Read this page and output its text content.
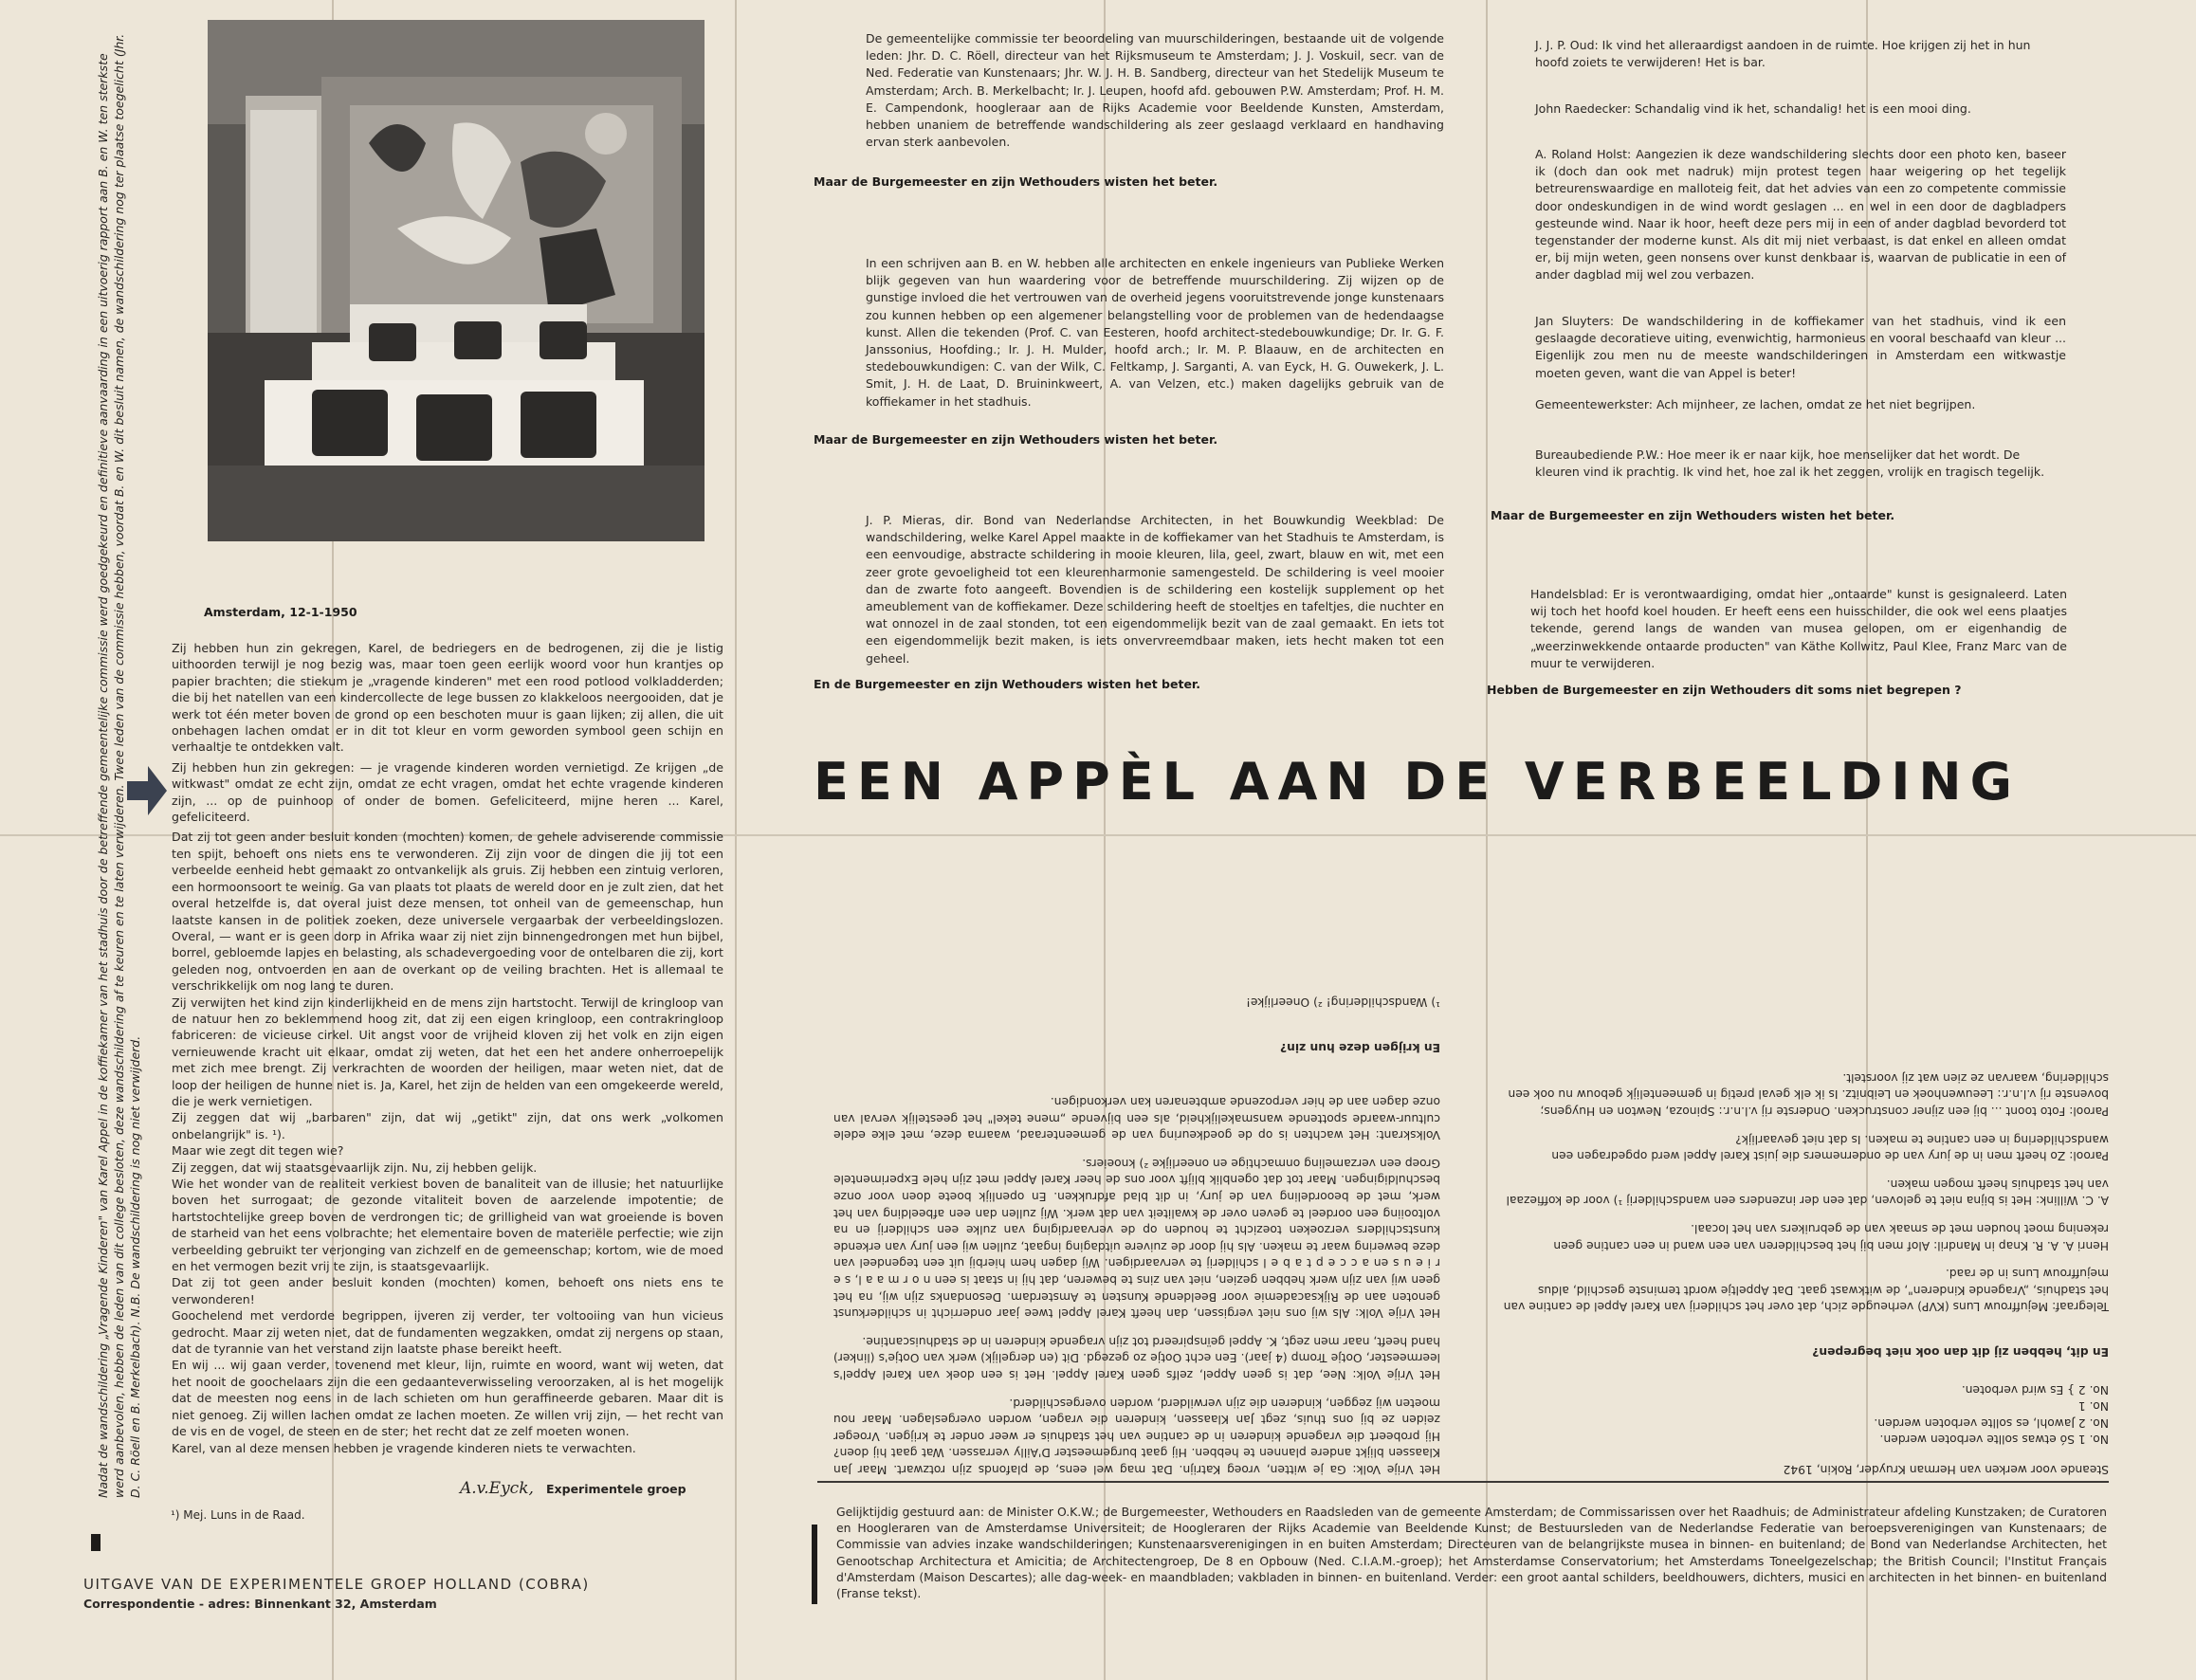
Nadat de wandschildering „Vragende Kinderen" van Karel Appel in de koffiekamer van het stadhuis door de betreffende gemeentelijke commissie werd goedgekeurd en definitieve aanvaarding in een uitvoerig rapport aan B. en W. ten sterkste werd aanbevolen, hebben de leden van dit college besloten, deze wandschildering af te keuren en te laten verwijderen. Twee leden van de commissie hebben, voordat B. en W. dit besluit namen, de wandschildering nog ter plaatse toegelicht (Jhr. D. C. Röell en B. Merkelbach). N.B. De wandschildering is nog niet verwijderd.
Amsterdam, 12-1-1950

Zij hebben hun zin gekregen, Karel, de bedriegers en de bedrogenen, zij die je listig uithoorden terwijl je nog bezig was, maar toen geen eerlijk woord voor hun krantjes op papier brachten; die stiekum je „vragende kinderen" met een rood potlood volkladderden; die bij het natellen van een kindercollecte de lege bussen zo klakkeloos neergooiden, dat je werk tot één meter boven de grond op een beschoten muur is gaan lijken; zij allen, die uit onbehagen lachen omdat er in dit tot kleur en vorm geworden symbool geen schijn en verhaaltje te ontdekken valt.

Zij hebben hun zin gekregen: — je vragende kinderen worden vernietigd. Ze krijgen „de witkwast" omdat ze echt zijn, omdat ze echt vragen, omdat het echte vragende kinderen zijn, ... op de puinhoop of onder de bomen. Gefeliciteerd, mijne heren ... Karel, gefeliciteerd.

Dat zij tot geen ander besluit konden (mochten) komen, de gehele adviserende commissie ten spijt, behoeft ons niets ens te verwonderen. Zij zijn voor de dingen die jij tot een verbeelde eenheid hebt gemaakt zo ontvankelijk als gruis. Zij hebben een zintuig verloren, een hormoonsoort te weinig. Ga van plaats tot plaats de wereld door en je zult zien, dat het overal hetzelfde is, dat overal juist deze mensen, tot onheil van de gemeenschap, hun laatste kansen in de politiek zoeken, deze universele vergaarbak der verbeeldingslozen. Overal, — want er is geen dorp in Afrika waar zij niet zijn binnengedrongen met hun bijbel, borrel, gebloemde lapjes en belasting, als schadevergoeding voor de ontelbaren die zij, kort geleden nog, ontvoerden en aan de overkant op de veiling brachten. Het is allemaal te verschrikkelijk om nog lang te duren.

Zij verwijten het kind zijn kinderlijkheid en de mens zijn hartstocht. Terwijl de kringloop van de natuur hen zo beklemmend hoog zit, dat zij een eigen kringloop, een contrakringloop fabriceren: de vicieuse cirkel. Uit angst voor de vrijheid kloven zij het volk en zijn eigen vernieuwende kracht uit elkaar, omdat zij weten, dat het een het andere onherroepelijk met zich mee brengt. Zij verkrachten de woorden der heiligen, maar weten niet, dat de loop der heiligen de hunne niet is. Ja, Karel, het zijn de helden van een omgekeerde wereld, die je werk vernietigen.

Zij zeggen dat wij „barbaren" zijn, dat wij „getikt" zijn, dat ons werk „volkomen onbelangrijk" is. ¹).

Maar wie zegt dit tegen wie?

Zij zeggen, dat wij staatsgevaarlijk zijn. Nu, zij hebben gelijk.

Wie het wonder van de realiteit verkiest boven de banaliteit van de illusie; het natuurlijke boven het surrogaat; de gezonde vitaliteit boven de aarzelende impotentie; de hartstochtelijke greep boven de verdrongen tic; de grilligheid van wat groeiende is boven de starheid van het eens volbrachte; het elementaire boven de materiële perfectie; wie zijn verbeelding gebruikt ter verjonging van zichzelf en de gemeenschap; kortom, wie de moed en het vermogen bezit vrij te zijn, is staatsgevaarlijk.

Dat zij tot geen ander besluit konden (mochten) komen, behoeft ons niets ens te verwonderen!

Goochelend met verdorde begrippen, ijveren zij verder, ter voltooiing van hun vicieus gedrocht. Maar zij weten niet, dat de fundamenten wegzakken, omdat zij nergens op staan, dat de tyrannie van het verstand zijn laatste phase bereikt heeft.

En wij ... wij gaan verder, tovenend met kleur, lijn, ruimte en woord, want wij weten, dat het nooit de goochelaars zijn die een gedaanteverwisseling veroorzaken, al is het mogelijk dat de meesten nog eens in de lach schieten om hun geraffineerde gebaren. Maar dit is niet genoeg. Zij willen lachen omdat ze lachen moeten. Ze willen vrij zijn, — het recht van de vis en de vogel, de steen en de ster; het recht dat ze zelf moeten wonen.

Karel, van al deze mensen hebben je vragende kinderen niets te verwachten.

A.v.Eyck, Experimentele groep
¹) Mej. Luns in de Raad.
UITGAVE VAN DE EXPERIMENTELE GROEP HOLLAND (COBRA)
Correspondentie - adres: Binnenkant 32, Amsterdam
De gemeentelijke commissie ter beoordeling van muurschilderingen, bestaande uit de volgende leden: Jhr. D. C. Röell, directeur van het Rijksmuseum te Amsterdam; J. J. Voskuil, secr. van de Ned. Federatie van Kunstenaars; Jhr. W. J. H. B. Sandberg, directeur van het Stedelijk Museum te Amsterdam; Arch. B. Merkelbacht; Ir. J. Leupen, hoofd afd. gebouwen P.W. Amsterdam; Prof. H. M. E. Campendonk, hoogleraar aan de Rijks Academie voor Beeldende Kunsten, Amsterdam, hebben unaniem de betreffende wandschildering als zeer geslaagd verklaard en handhaving ervan sterk aanbevolen.
Maar de Burgemeester en zijn Wethouders wisten het beter.
In een schrijven aan B. en W. hebben alle architecten en enkele ingenieurs van Publieke Werken blijk gegeven van hun waardering voor de betreffende muurschildering. Zij wijzen op de gunstige invloed die het vertrouwen van de overheid jegens vooruitstrevende jonge kunstenaars zou kunnen hebben op een algemener belangstelling voor de problemen van de hedendaagse kunst. Allen die tekenden (Prof. C. van Eesteren, hoofd architect-stedebouwkundige; Dr. Ir. G. F. Janssonius, Hoofding.; Ir. J. H. Mulder, hoofd arch.; Ir. M. P. Blaauw, en de architecten en stedebouwkundigen: C. van der Wilk, C. Feltkamp, J. Sarganti, A. van Eyck, H. G. Ouwekerk, J. L. Smit, J. H. de Laat, D. Bruininkweert, A. van Velzen, etc.) maken dagelijks gebruik van de koffiekamer in het stadhuis.
Maar de Burgemeester en zijn Wethouders wisten het beter.
J. P. Mieras, dir. Bond van Nederlandse Architecten, in het Bouwkundig Weekblad: De wandschildering, welke Karel Appel maakte in de koffiekamer van het Stadhuis te Amsterdam, is een eenvoudige, abstracte schildering in mooie kleuren, lila, geel, zwart, blauw en wit, met een zeer grote gevoeligheid tot een kleurenharmonie samengesteld. De schildering is veel mooier dan de zwarte foto aangeeft. Bovendien is de schildering een kostelijk supplement op het ameublement van de koffiekamer. Deze schildering heeft de stoeltjes en tafeltjes, die nuchter en wat onnozel in de zaal stonden, tot een eigendommelijk bezit van de zaal gemaakt. En iets tot een eigendommelijk bezit maken, is iets onvervreemdbaar maken, iets hecht maken tot een geheel.
En de Burgemeester en zijn Wethouders wisten het beter.
J. J. P. Oud: Ik vind het alleraardigst aandoen in de ruimte. Hoe krijgen zij het in hun hoofd zoiets te verwijderen! Het is bar.
John Raedecker: Schandalig vind ik het, schandalig! het is een mooi ding.
A. Roland Holst: Aangezien ik deze wandschildering slechts door een photo ken, baseer ik (doch dan ook met nadruk) mijn protest tegen haar weigering op het tegelijk betreurenswaardige en malloteig feit, dat het advies van een zo competente commissie door ondeskundigen in de wind wordt geslagen ... en wel in een door de dagbladpers gesteunde wind. Naar ik hoor, heeft deze pers mij in een of ander dagblad bevorderd tot tegenstander der moderne kunst. Als dit mij niet verbaast, is dat enkel en alleen omdat er, bij mijn weten, geen nonsens over kunst denkbaar is, waarvan de publicatie in een of ander dagblad mij wel zou verbazen.
Jan Sluyters: De wandschildering in de koffiekamer van het stadhuis, vind ik een geslaagde decoratieve uiting, evenwichtig, harmonieus en vooral beschaafd van kleur ... Eigenlijk zou men nu de meeste wandschilderingen in Amsterdam een witkwastje moeten geven, want die van Appel is beter!
Gemeentewerkster: Ach mijnheer, ze lachen, omdat ze het niet begrijpen.
Bureaubediende P.W.: Hoe meer ik er naar kijk, hoe menselijker dat het wordt. De kleuren vind ik prachtig. Ik vind het, hoe zal ik het zeggen, vrolijk en tragisch tegelijk.
Maar de Burgemeester en zijn Wethouders wisten het beter.
Handelsblad: Er is verontwaardiging, omdat hier „ontaarde" kunst is gesignaleerd. Laten wij toch het hoofd koel houden. Er heeft eens een huisschilder, die ook wel eens plaatjes tekende, gerend langs de wanden van musea gelopen, om er eigenhandig de „weerzinwekkende ontaarde producten" van Käthe Kollwitz, Paul Klee, Franz Marc van de muur te verwijderen.
Hebben de Burgemeester en zijn Wethouders dit soms niet begrepen ?
EEN APPÈL AAN DE VERBEELDING

Steande voor werken van Herman Kruyder, Rokin, 1942

No. 1 Só etwas sollte verboten werden.

No. 2 Jawohl, es sollte verboten werden.

No. 1

No. 2 } Es wird verboten.

En dit, hebben zij dit dan ook niet begrepen?

Telegraaf: Mejuffrouw Luns (KVP) verheugde zich, dat over het schilderij van Karel Appel de cantine van het stadhuis, „Vragende Kinderen", de witkwast gaat. Dat Appeltje wordt teminste geschild, aldus mejuffrouw Luns in de raad.

Henri A. A. R. Knap in Mandril: Alof men bij het beschilderen van een wand in een cantine geen rekening moet houden met de smaak van de gebruikers van het locaal.

A. C. Willink: Het is bijna niet te geloven, dat een der inzenders een wandschilderij ¹) voor de koffiezaal van het stadhuis heeft mogen maken.

Parool: Zo heeft men in de jury van de ondernemers die juist Karel Appel werd opgedragen een wandschildering in een cantine te maken. Is dat niet gevaarlijk?

Parool: Foto toont ... bij een zijner construcken. Onderste rij v.l.n.r.: Spinoza, Newton en Huygens; bovenste rij v.l.n.r.: Leeuwenhoek en Leibnitz. Is ik elk geval pretig in gemeentelijk gebouw nu ook een schildering, waarvan ze zien wat zij voorstelt.

Het Vrije Volk: Ga je witten, vroeg Katrijn. Dat mag wel eens, de plafonds zijn rotzwart. Maar Jan Klaassen blijkt andere plannen te hebben. Hij gaat burgemeester D'Ailly verrassen. Wat gaat hij doen? Hij probeert die vragende kinderen in de cantine van het stadhuis er weer onder te krijgen. Vroeger zeiden ze bij ons thuis, zegt Jan Klaassen, kinderen die vragen, worden overgeslagen. Maar nou moeten wij zeggen, kinderen die zijn verwilderd, worden overgeschilderd.

Het Vrije Volk: Nee, dat is geen Appel, zelfs geen Karel Appel. Het is een doek van Karel Appel's leermeester, Ootje Tromp (4 jaar). Een echt Ootje zo gezegd. Dit (en dergelijk) werk van Ootje's (linker) hand heeft, naar men zegt, K. Appel geïnspireerd tot zijn vragende kinderen in de stadhuiscantine.

Het Vrije Volk: Als wij ons niet vergissen, dan heeft Karel Appel twee jaar onderricht in schilderkunst genoten aan de Rijksacademie voor Beeldende Kunsten te Amsterdam. Desondanks zijn wij, na het geen wij van zijn werk hebben gezien, niet van zins te beweren, dat hij in staat is een n o r m a a l, s e r i e u s en a c c e p t a b e l schilderij te vervaardigen. Wij dagen hem hierbij uit een tegendeel van deze bewering waar te maken. Als hij door de zuivere uitdaging ingaat, zullen wij een jury van erkende kunstschilders verzoeken toezicht te houden op de vervaardiging van zulke een schilderij en na voltooiing een oordeel te geven over de kwaliteit van dat werk. Wij zullen dan een afbeelding van het werk, met de beoordeling van de jury, in dit blad afdrukken. En openlijk boete doen voor onze beschuldigingen. Maar tot dat ogenblik blijft voor ons de heer Karel Appel met zijn hele Experimentele Groep een verzameling onmachtige en oneerlijke ²) knoeiers.

Volkskrant: Het wachten is op de goedkeuring van de gemeenteraad, waarna deze, met elke edele cultuur-waarde spottende wansmakelijkheid, als een bijvende „mene tekel" het geestelijk verval van onze dagen aan de hier verpozende ambtenaren kan verkondigen.

En krijgen deze hun zin?

¹) Wandschildering! ²) Oneerlijke!

Gelijktijdig gestuurd aan: de Minister O.K.W.; de Burgemeester, Wethouders en Raadsleden van de gemeente Amsterdam; de Commissarissen over het Raadhuis; de Administrateur afdeling Kunstzaken; de Curatoren en Hoogleraren van de Amsterdamse Universiteit; de Hoogleraren der Rijks Academie van Beeldende Kunst; de Bestuursleden van de Nederlandse Federatie van beroepsverenigingen van Kunstenaars; de Commissie van advies inzake wandschilderingen; Kunstenaarsverenigingen in en buiten Amsterdam; Directeuren van de belangrijkste musea in binnen- en buitenland; de Bond van Nederlandse Architecten, het Genootschap Architectura et Amicitia; de Architectengroep, De 8 en Opbouw (Ned. C.I.A.M.-groep); het Amsterdamse Conservatorium; het Amsterdams Toneelgezelschap; the British Council; l'Institut Français d'Amsterdam (Maison Descartes); alle dag-week- en maandbladen; vakbladen in binnen- en buitenland. Verder: een groot aantal schilders, beeldhouwers, dichters, musici en architecten in het binnen- en buitenland (Franse tekst).
